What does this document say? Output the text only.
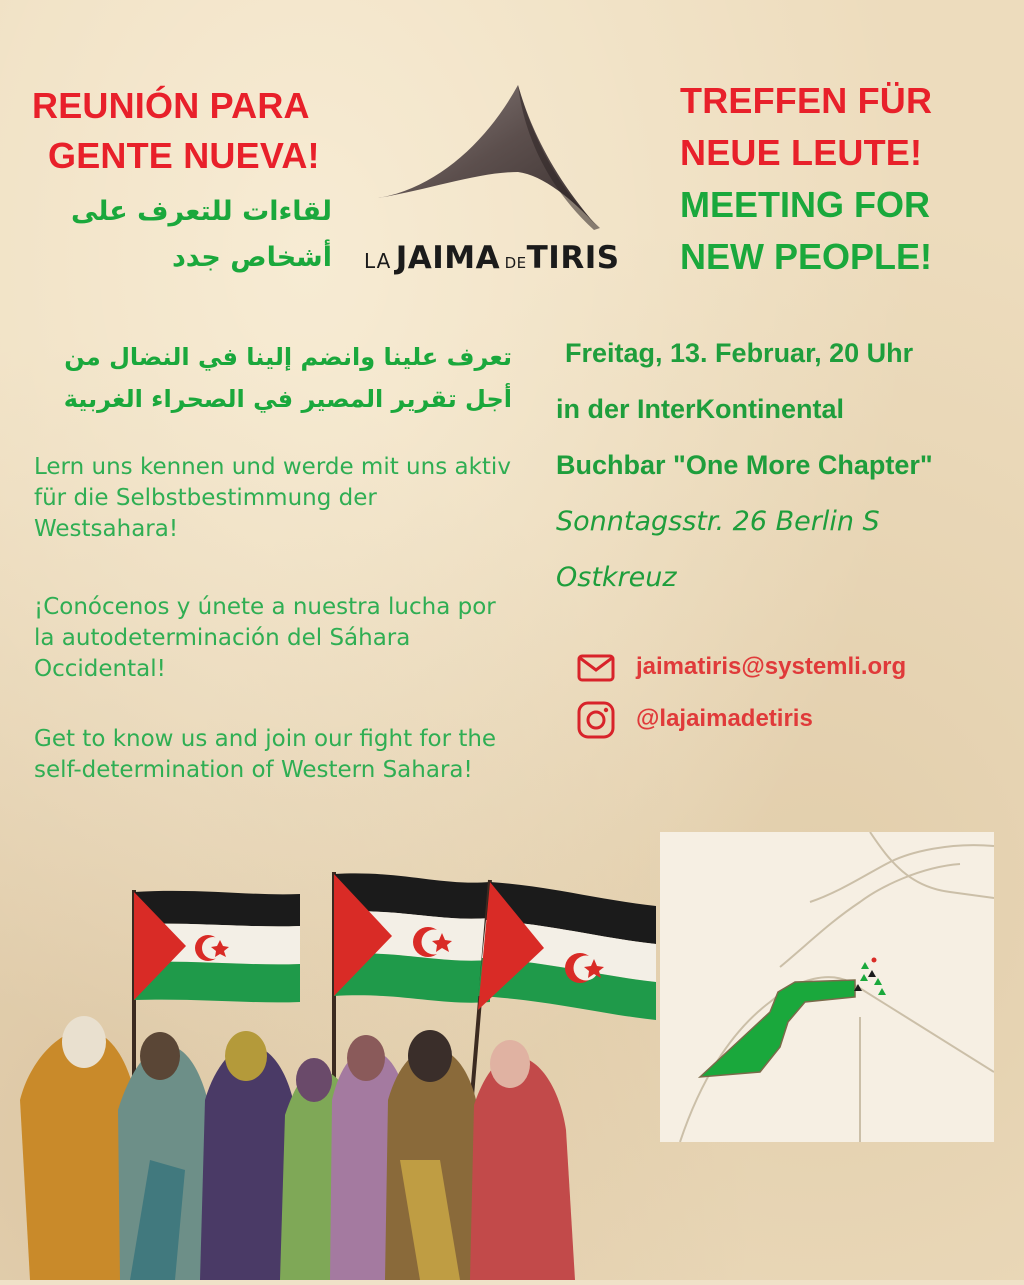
REUNIÓN PARA
GENTE NUEVA!
لقاءات للتعرف على
أشخاص جدد LA JAIMA DETIRIS
TREFFEN FÜR
NEUE LEUTE!
MEETING FOR
NEW PEOPLE!
تعرف علينا وانضم إلينا في النضال من
أجل تقرير المصير في الصحراء الغربية

Lern uns kennen und werde mit uns aktiv für die Selbstbestimmung der Westsahara!

¡Conócenos y únete a nuestra lucha por la autodeterminación del Sáhara Occidental!

Get to know us and join our fight for the self-determination of Western Sahara!

Freitag, 13. Februar, 20 Uhr
in der InterKontinental
Buchbar "One More Chapter"
Sonntagsstr. 26 Berlin S
Ostkreuz
jaimatiris@systemli.org
@lajaimadetiris
